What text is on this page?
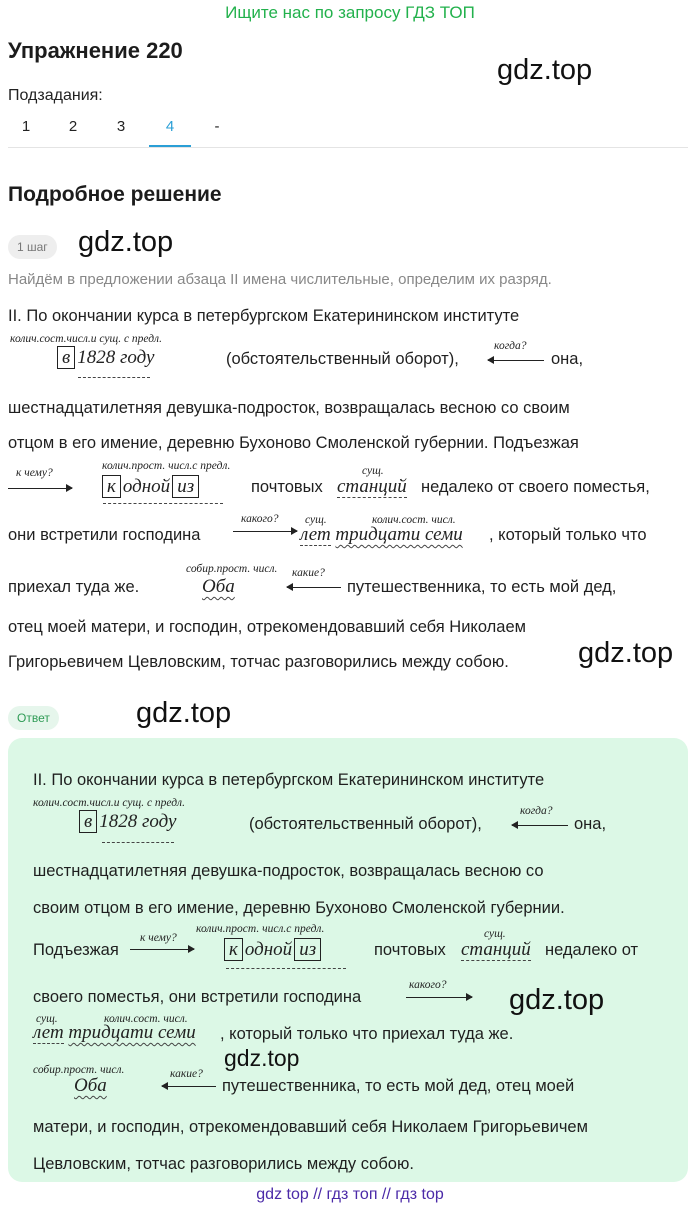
Ищите нас по запросу ГДЗ ТОП
Упражнение 220
gdz.top
Подзадания:
1	2	3	4	-
Подробное решение
1 шаг	gdz.top
Найдём в предложении абзаца II имена числительные, определим их разряд.
II. По окончании курса в петербургском Екатерининском институте
колич.сост.числ.и сущ. с предл.
в 1828 году	(обстоятельственный оборот),
когда?
она,
шестнадцатилетняя девушка-подросток, возвращалась весною со своим
отцом в его имение, деревню Бухоново Смоленской губернии. Подъезжая
к чему?
колич.прост. числ.с предл.
к одной из	почтовых
сущ.
станций недалеко от своего поместья,
они встретили господина
какого? сущ.	колич.сост. числ.
лет тридцати семи , который только что
приехал туда же.
собир.прост. числ.
Оба
какие?
путешественника, то есть мой дед,
отец моей матери, и господин, отрекомендовавший себя Николаем
Григорьевичем Цевловским, тотчас разговорились между собою. gdz.top
Ответ	gdz.top
II. По окончании курса в петербургском Екатерининском институте
колич.сост.числ.и сущ. с предл.
в 1828 году	(обстоятельственный оборот),
когда?
она,
шестнадцатилетняя девушка-подросток, возвращалась весною со
своим отцом в его имение, деревню Бухоново Смоленской губернии.
Подъезжая
к чему?
колич.прост. числ.с предл.
к одной из	почтовых
сущ.
станций недалеко от
своего поместья, они встретили господина
какого? gdz.top
сущ.	колич.сост. числ.
лет тридцати семи , который только что приехал туда же.
gdz.top
собир.прост. числ.
Оба
какие?
путешественника, то есть мой дед, отец моей
матери, и господин, отрекомендовавший себя Николаем Григорьевичем
Цевловским, тотчас разговорились между собою.
gdz top // гдз топ // гдз top
